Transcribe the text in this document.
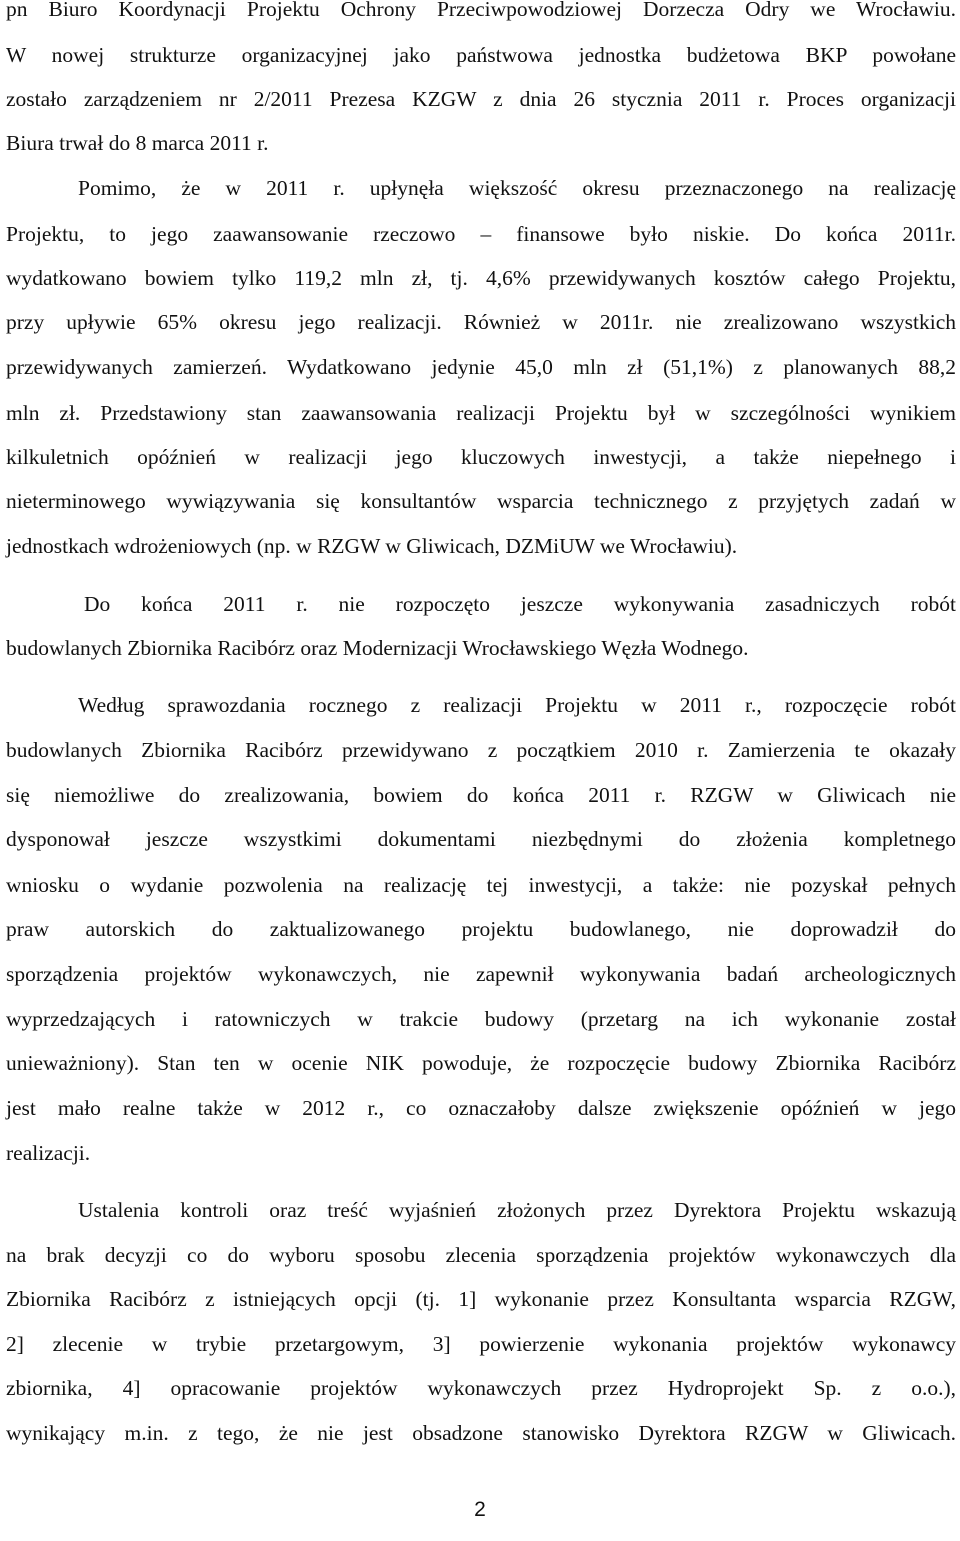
pn Biuro Koordynacji Projektu Ochrony Przeciwpowodziowej Dorzecza Odry we Wrocławiu.

W nowej strukturze organizacyjnej jako państwowa jednostka budżetowa BKP powołane

zostało zarządzeniem nr 2/2011 Prezesa KZGW z dnia 26 stycznia 2011 r. Proces organizacji

Biura trwał do 8 marca 2011 r.

Pomimo, że w 2011 r. upłynęła większość okresu przeznaczonego na realizację

Projektu, to jego zaawansowanie rzeczowo – finansowe było niskie. Do końca 2011r.

wydatkowano bowiem tylko 119,2 mln zł, tj. 4,6% przewidywanych kosztów całego Projektu,

przy upływie 65% okresu jego realizacji. Również w 2011r. nie zrealizowano wszystkich

przewidywanych zamierzeń. Wydatkowano jedynie 45,0 mln zł (51,1%) z planowanych 88,2

mln zł. Przedstawiony stan zaawansowania realizacji Projektu był w szczególności wynikiem

kilkuletnich opóźnień w realizacji jego kluczowych inwestycji, a także niepełnego i

nieterminowego wywiązywania się konsultantów wsparcia technicznego z przyjętych zadań w

jednostkach wdrożeniowych (np. w RZGW w Gliwicach, DZMiUW we Wrocławiu).

Do końca 2011 r. nie rozpoczęto jeszcze wykonywania zasadniczych robót

budowlanych Zbiornika Racibórz oraz Modernizacji Wrocławskiego Węzła Wodnego.

Według sprawozdania rocznego z realizacji Projektu w 2011 r., rozpoczęcie robót

budowlanych Zbiornika Racibórz przewidywano z początkiem 2010 r. Zamierzenia te okazały

się niemożliwe do zrealizowania, bowiem do końca 2011 r. RZGW w Gliwicach nie

dysponował jeszcze wszystkimi dokumentami niezbędnymi do złożenia kompletnego

wniosku o wydanie pozwolenia na realizację tej inwestycji, a także: nie pozyskał pełnych

praw autorskich do zaktualizowanego projektu budowlanego, nie doprowadził do

sporządzenia projektów wykonawczych, nie zapewnił wykonywania badań archeologicznych

wyprzedzających i ratowniczych w trakcie budowy (przetarg na ich wykonanie został

unieważniony). Stan ten w ocenie NIK powoduje, że rozpoczęcie budowy Zbiornika Racibórz

jest mało realne także w 2012 r., co oznaczałoby dalsze zwiększenie opóźnień w jego

realizacji.

Ustalenia kontroli oraz treść wyjaśnień złożonych przez Dyrektora Projektu wskazują

na brak decyzji co do wyboru sposobu zlecenia sporządzenia projektów wykonawczych dla

Zbiornika Racibórz z istniejących opcji (tj. 1] wykonanie przez Konsultanta wsparcia RZGW,

2] zlecenie w trybie przetargowym, 3] powierzenie wykonania projektów wykonawcy

zbiornika, 4] opracowanie projektów wykonawczych przez Hydroprojekt Sp. z o.o.),

wynikający m.in. z tego, że nie jest obsadzone stanowisko Dyrektora RZGW w Gliwicach.

2
